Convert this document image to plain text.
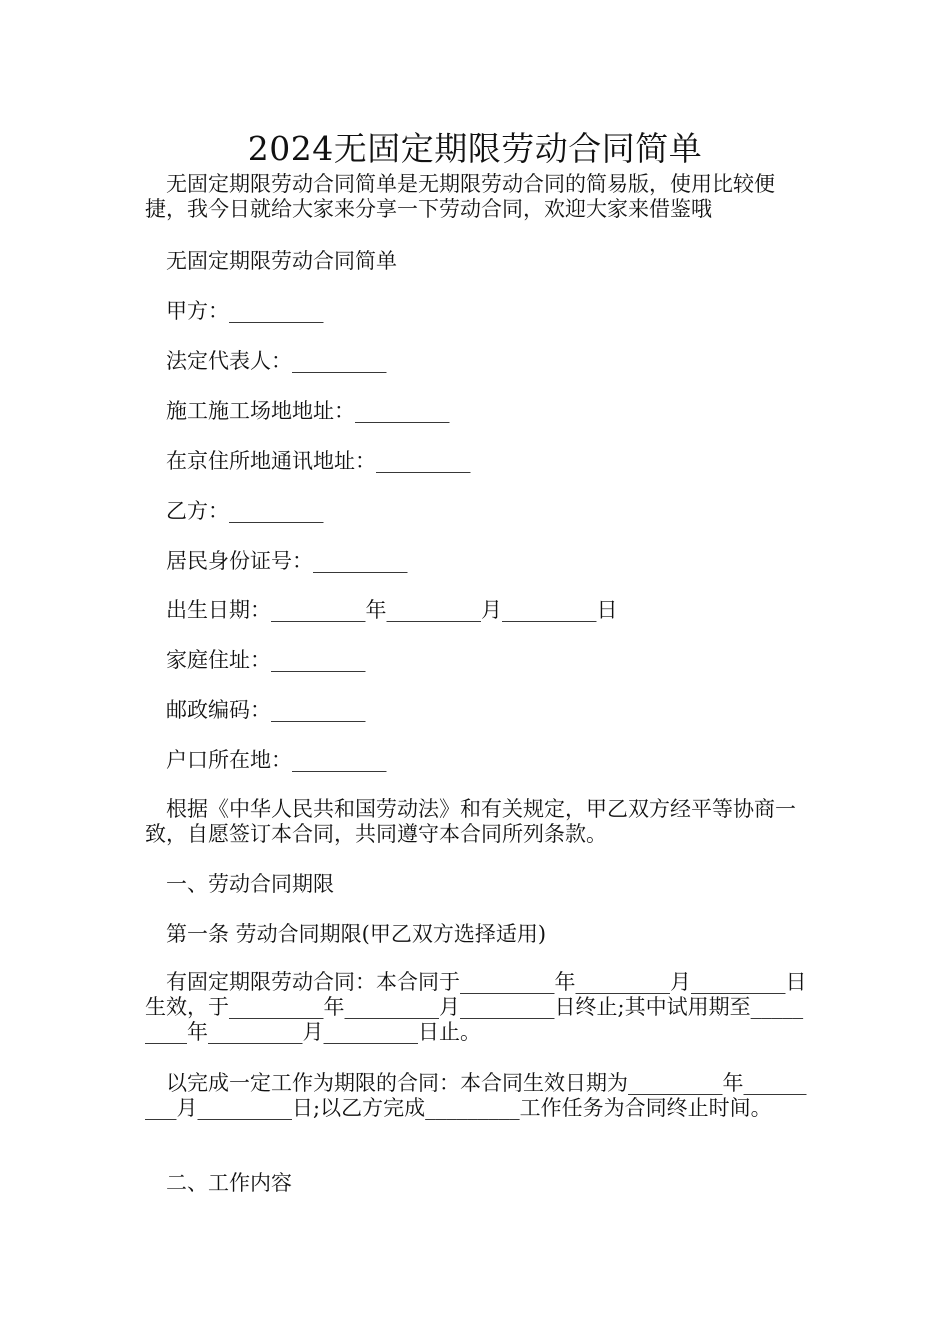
2024无固定期限劳动合同简单

无固定期限劳动合同简单是无期限劳动合同的简易版，使用比较便捷，我今日就给大家来分享一下劳动合同，欢迎大家来借鉴哦

无固定期限劳动合同简单
甲方：_________
法定代表人：_________
施工施工场地地址：_________
在京住所地通讯地址：_________
乙方：_________
居民身份证号：_________
出生日期：_________年_________月_________日
家庭住址：_________
邮政编码：_________
户口所在地：_________

根据《中华人民共和国劳动法》和有关规定，甲乙双方经平等协商一致，自愿签订本合同，共同遵守本合同所列条款。

一、劳动合同期限
第一条 劳动合同期限(甲乙双方选择适用)

有固定期限劳动合同：本合同于_________年_________月_________日生效，于_________年_________月_________日终止;其中试用期至_________年_________月_________日止。

以完成一定工作为期限的合同：本合同生效日期为_________年_________月_________日;以乙方完成_________工作任务为合同终止时间。

二、工作内容
